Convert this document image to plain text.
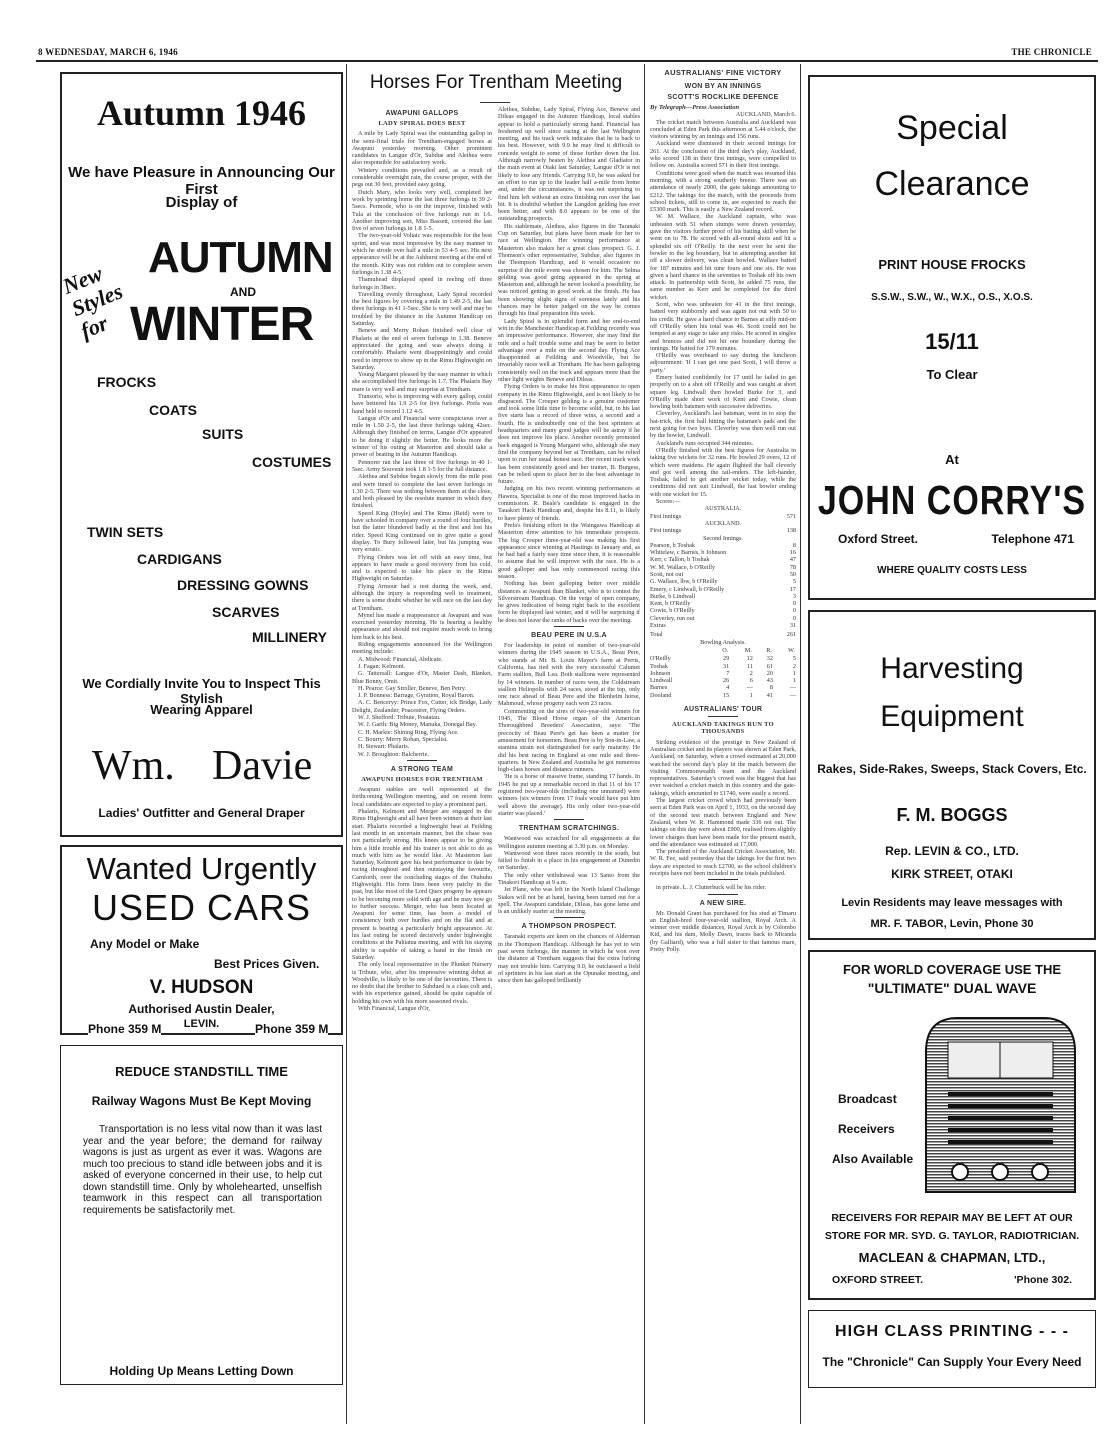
8 WEDNESDAY, MARCH 6, 1946	THE CHRONICLE
Autumn 1946
We have Pleasure in Announcing Our First
Display of
New Styles for
AUTUMN
AND
WINTER
FROCKS
COATS
SUITS
COSTUMES
TWIN SETS
CARDIGANS
DRESSING GOWNS
SCARVES
MILLINERY
We Cordially Invite You to Inspect This Stylish
Wearing Apparel
Wm. Davie
Ladies' Outfitter and General Draper
Wanted Urgently
USED CARS
Any Model or Make
Best Prices Given.
V. HUDSON
Authorised Austin Dealer,
LEVIN.
Phone 359 M	Phone 359 M
REDUCE STANDSTILL TIME
Railway Wagons Must Be Kept Moving
Transportation is no less vital now than it was last year and the year before; the demand for railway wagons is just as urgent as ever it was. Wagons are much too precious to stand idle between jobs and it is asked of everyone concerned in their use, to help cut down standstill time. Only by wholehearted, unselfish teamwork in this respect can all transportation requirements be satisfactorily met.
Holding Up Means Letting Down
Horses For Trentham Meeting
AWAPUNI GALLOPS
LADY SPIRAL DOES BEST

A mile by Lady Spiral was the outstanding gallop in the semi-final trials for Trentham-engaged horses at Awapuni yesterday morning. Other prominent candidates in Langue d'Or, Subdue and Alethea were also responsible for satisfactory work.

Wintery conditions prevailed and, as a result of considerable overnight rain, the course proper, with the pegs out 30 feet, provided easy going.

Dutch Mary, who looks very well, completed her work by sprinting home the last three furlongs in 39 2-5secs. Permode, who is on the improve, finished with Tula at the conclusion of five furlongs run in 1.6. Another improving sort, Miss Bassett, covered the last five of seven furlongs in 1.8 1-5.

The two-year-old Voltaic was responsible for the best sprint, and was most impressive by the easy manner in which he strode over half a mile in 53 4-5 sec. His next appearance will be at the Ashhurst meeting at the end of the month. Kitty was not ridden out to complete seven furlongs in 1.38 4-5.

Thamuhead displayed speed in reeling off three furlongs in 38sec.

Travelling evenly throughout, Lady Spiral recorded the best figures by covering a mile in 1.49 2-5, the last three furlongs in 41 1-5sec. She is very well and may be troubled by the distance in the Autumn Handicap on Saturday.

Beneve and Merry Rohan finished well clear of Phalaris at the end of seven furlongs in 1.38. Beneve appreciated the going and was always doing it comfortably. Phalaris went disappointingly and could need to improve to show up in the Rimu Highweight on Saturday.

Young Margaret pleased by the easy manner in which she accomplished five furlongs in 1.7. The Phalaris Bay mare is very well and may surprise at Trentham.

Transorio, who is improving with every gallop, could have bettered his 1.9 2-5 for five furlongs. Prefa was hand held to record 1.12 4-5.

Langue d'Or and Financial were conspicuous over a mile in 1.50 2-5, the last three furlongs taking 42sec. Although they finished on terms, Langue d'Or appeared to be doing it slightly the better. He looks more the winner of his outing at Masterton and should take a power of beating in the Autumn Handicap.

Pennorer ran the last three of five furlongs in 40 1-5sec. Army Souvenir took 1.8 1-5 for the full distance.

Alethea and Subdue began slowly from the mile post and were timed to complete the last seven furlongs in 1.30 2-5. There was nothing between them at the close, and both pleased by the resolute manner in which they finished.

Speed King (Hoyle) and The Rimu (Reid) were to have schooled in company over a round of four hurdles, but the latter blundered badly at the first and lost his rider. Speed King continued on to give quite a good display. To Bury followed later, but his jumping was very erratic.

Flying Orders was let off with an easy time, but appears to have made a good recovery from his cold, and is expected to take his place in the Rimu Highweight on Saturday.

Flying Armour had a rest during the week, and, although the injury is responding well to treatment, there is some doubt whether he will race on the last day at Trentham.

Mynel has made a reappearance at Awapuni and was exercised yesterday morning. He is bearing a healthy appearance and should not require much work to bring him back to his best.

Riding engagements announced for the Wellington meeting include:

A. Midwood: Financial, Abdicate.

J. Fagan: Kelmont.

G. Tattersall: Langue d'Or, Master Dash, Blanket, Blue Bonny, Omit.

H. Pearce: Gay Stroller, Beneve, Ben Petry.

J. P. Bonness: Barrage, Gyration, Royal Baron.

A. C. Benceryy: Prince Fox, Cutter, ick Bridge, Lady Delight, Zealander, Poacestrer, Flying Orders.

W. J. Shefford: Tribute, Poatatau.

W. J. Garth: Big Money, Manuka, Donegal Bay.

C. H. Markie: Shining Ring, Flying Ace.

C. Bourry: Merry Rohan, Specialist.

H. Stewart: Phalaris.

W. J. Broughton: Balcherrie.

A STRONG TEAM
AWAPUNI HORSES FOR TRENTHAM

Awapuni stables are well represented at the forthcoming Wellington meeting, and on recent form local candidates are expected to play a prominent part.

Phalaris, Kelmont and Merger are engaged in the Rimu Highweight and all have been winners at their last start. Phalaris recorded a highweight heat at Feilding last month in an uncertain manner, but the chase was not particularly strong. His knees appear to be giving him a little trouble and his trainer is not able to do as much with him as he would like. At Masterton last Saturday, Kelmont gave his best performance to date by racing throughout and then outstaying the favourite, Carnforth, over the concluding stages of the Otahuhu Highweight. His form lines been very patchy in the past, but like most of the Lord Quex progeny he appears to be becoming more solid with age and he may now go to further success. Merger, who has been located at Awapuni for some time, has been a model of consistency both over hurdles and on the flat and at present is bearing a particularly bright appearance. At his last outing he scored decisively under highweight conditions at the Pahiatua meeting, and with his staying ability is capable of taking a hand in the finish on Saturday.

The only local representative in the Plunket Nursery is Tribute, who, after his impressive winning debut at Woodville, is likely to be one of the favourites. There is no doubt that the brother to Subdued is a class colt and, with his experience gained, should be quite capable of holding his own with his more seasoned rivals.

With Financial, Langue d'Or,

Alethea, Subdue, Lady Spiral, Flying Ace, Beneve and Dileas engaged in the Autumn Handicap, local stables appear to hold a particularly strong hand. Financial has freshened up well since racing at the last Wellington meeting, and his track work indicates that he is back to his best. However, with 9.9 he may find it difficult to concede weight to some of those further down the list. Although narrowly beaten by Alethea and Gladiator in the main event at Otaki last Saturday, Langue d'Or is not likely to lose any friends. Carrying 9.0, he was asked for an effort to run up to the leader half a-mile from home and, under the circumstances, it was not surprising to find him left without an extra finishing run over the last bit. It is doubtful whether the Langdon gelding has ever been better, and with 8.0 appears to be one of the outstanding prospects.

His stablemate, Alethea, also figures in the Taranaki Cup on Saturday, but plans have been made for her to race at Wellington. Her winning performance at Masterton also makes her a great class prospect. G. J. Thomson's other representative, Subdue, also figures in the Thompson Handicap, and it would occasion no surprise if the mile event was chosen for him. The Selma gelding was good going appeared in the spring at Masterton and, although he never looked a possibility, he was noticed getting in good work at the finish. He has been showing slight signs of soreness lately and his chances may be better judged on the way he comes through his final preparation this week.

Lady Spiral is in splendid form and her end-to-end win in the Manchester Handicap at Feilding recently was an impressive performance. However, she may find the mile and a half trouble some and may be seen to better advantage over a mile on the second day. Flying Ace disappointed at Feilding and Woodville, but he invariably races well at Trentham. He has been galloping consistently well on the track and appears more than the other light weights Beneve and Dileas.

Flying Orders is to make his first appearance to open company in the Rimu Highweight, and is not likely to be disgraced. The Crouper gelding is a genuine customer and took some little time to become solid, but, in his last five starts has a record of three wins, a second and a fourth. He is undoubtedly one of the best sprinters at headquarters and many good judges will be astray if he does not improve his place. Another recently promoted hack engaged is Young Margaret who, although she may find the company beyond her at Trentham, can be relied upon to run her usual honest race. Her recent track work has been consistently good and her trainer, B. Burgess, can be relied upon to place her to the best advantage in future.

Judging on his two recent winning performances at Hawera, Specialist is one of the most improved hacks in commission. R. Beale's candidate is engaged in the Tauakori Hack Handicap and, despite his 8.11, is likely to have plenty of friends.

Prefa's finishing effort in the Waingawa Handicap at Masterton drew attention to his immediate prospects. The big Crouper three-year-old was making his first appearance since winning at Hastings in January and, as he had had a fairly easy time since then, it is reasonable to assume that he will improve with the race. He is a good galloper and has only commenced racing this season.

Nothing has been galloping better over middle distances at Awapuni than Blanket, who is to contest the Silverstream Handicap. On the verge of open company, he gives indication of being right back to the excellent form he displayed last winter, and it will be surprising if he does not leave the ranks of hacks over the meeting.

BEAU PERE IN U.S.A

For leadership in point of number of two-year-old winners during the 1945 season in U.S.A., Beau Pere, who stands at Mr. B. Louis Mayer's farm at Perris, California, has tied with the very successful Calumet Farm stallion, Bull Lea. Both stallions were represented by 14 winners. In number of races won, the Coldstream stallion Heliopolis with 24 races, stood at the top, only one race ahead of Beau Pere and the Blenheim horse, Mahmoud, whose progeny each won 23 races.

Commenting on the sires of two-year-old winners for 1945, The Blood Horse organ of the American Thoroughbred Breeders' Association, says: 'The precocity of Beau Pere's get has been a matter for amusement for horsemen. Beau Pere is by Son-in-Law, a stamina strain not distinguished for early maturity. He did his best racing in England at one mile and three-quarters. In New Zealand and Australia he got numerous high-class horses and distance runners.

'He is a horse of massive frame, standing 17 hands. In 1945 he put up a remarkable record in that 11 of his 17 registered two-year-olds (including one unnamed) were winners (six winners from 17 foals would have put him well above the average). His only other two-year-old starter was placed.'

TRENTHAM SCRATCHINGS.

Wantwood was scratched for all engagements at the Wellington autumn meeting at 3.30 p.m. on Monday.

Wantwood won three races recently in the south, but failed to finish in a place in his engagement at Dunedin on Saturday.

The only other withdrawal was 13 Santo from the Tinakori Handicap at 9 a.m.

Jet Plane, who was left in the North Island Challenge Stakes will not be at hand, having been turned out for a spell. The Awapuni candidate, Dileas, has gone lame and is an unlikely starter at the meeting.

A THOMPSON PROSPECT.

Taranaki experts are keen on the chances of Alderman in the Thompson Handicap. Although he has yet to win past seven furlongs, the manner in which he won over the distance at Trentham suggests that the extra furlong may not trouble him. Carrying 9.0, he outclassed a field of sprinters in his last start at the Opunake meeting, and since then has galloped brilliantly

AUSTRALIANS' FINE VICTORY
WON BY AN INNINGS
SCOTT'S ROCKLIKE DEFENCE

By Telegraph—Press Association

AUCKLAND, March 6.

The cricket match between Australia and Auckland was concluded at Eden Park this afternoon at 5.44 o'clock, the visitors winning by an innings and 156 runs.

Auckland were dismissed in their second innings for 261. At the conclusion of the third day's play, Auckland, who scored 138 in their first innings, were compelled to follow on. Australia scored 571 in their first innings.

Conditions were good when the match was resumed this morning, with a strong southerly breeze. There was an attendance of nearly 2000, the gate takings amounting to £212. The takings for the match, with the proceeds from school tickets, still to come in, are expected to reach the £5300 mark. This is easily a New Zealand record.

W. M. Wallace, the Auckland captain, who was unbeaten with 51 when stumps were drawn yesterday, gave the visitors further proof of his batting skill when he went on to 78. He scored with all-round shots and hit a splendid six off O'Reilly. In the next over he sent the bowler to the leg boundary, but in attempting another hit off a slower delivery, was clean bowled. Wallace batted for 187 minutes and hit nine fours and one six. He was given a hard chance in the seventies to Toshak off his own attack. In partnership with Scott, he added 75 runs, the same number as Kerr and he completed for the third wicket.

Scott, who was unbeaten for 41 in the first innings, batted very stubbornly and was again not out with 50 to his credit. He gave a hard chance to Barnes at silly mid-on off O'Reilly when his total was 46. Scott could not be tempted at any stage to take any risks. He scored in singles and brunces and did not hit one boundary during the innings. He batted for 179 minutes.

O'Reilly was overheard to say during the luncheon adjournment: 'If I can get one past Scott, I will throw a party.'

Emery batted confidently for 17 until he failed to get properly on to a shot off O'Reilly and was caught at short square leg. Lindwall then bowled Burke for 3, and O'Reilly made short work of Kent and Cowie, clean bowling both batsmen with successive deliveries.

Cleverley, Auckland's last batsman, went in to stop the hat-trick, the first ball hitting the batsman's pads and the next going for two byes. Cleverley was then well run out by the bowler, Lindwall.

Auckland's runs occupied 344 minutes.

O'Reilly finished with the best figures for Australia in taking five wickets for 32 runs. He bowled 29 overs, 12 of which were maidens. He again flighted the ball cleverly and got well among the tail-enders. The left-hander, Toshak, failed to get another wicket today, while the conditions did not suit Lindwall, the fast bowler ending with one wicket for 15.

Scores:—

AUSTRALIA.

First innings	571

AUCKLAND.

First innings	138

Second Innings.

Pearson, b Toshak	8
Whitelaw, c Barnes, b Johnson	16
Kerr, c Tallon, b Toshak	47
W. M. Wallace, b O'Reilly	78
Scott, not out	50
G. Wallace, lbw, b O'Reilly	5
Emery, c Lindwall, b O'Reilly	17
Burke, b Lindwall	3
Kent, b O'Reilly	0
Cowie, b O'Reilly	0
Cleverley, run out	0
Extras	31
Total	261

Bowling Analysis.

	O.	M.	R.	W.
O'Reilly	29	12	32	5
Toshak	31	11	61	2
Johnson	7	2	20	1
Lindwall	26	6	43	1
Barnes	4	—	8	—
Dooland	15	1	41	—
AUSTRALIANS' TOUR
AUCKLAND TAKINGS RUN TO THOUSANDS

Striking evidence of the prestige in New Zealand of Australian cricket and its players was shown at Eden Park, Auckland, on Saturday, when a crowd estimated at 20,000 watched the second day's play in the match between the visiting Commonwealth team and the Auckland representatives. Saturday's crowd was the biggest that has ever watched a cricket match in this country and the gate-takings, which amounted to £1740, were easily a record.

The largest cricket crowd which had previously been seen at Eden Park was on April 1, 1933, on the second day of the second test match between England and New Zealand, when W. R. Hammond made 336 not out. The takings on this day were about £900, realised from slightly lower charges than have been made for the present match, and the attendance was estimated at 17,000.

The president of the Auckland Cricket Association, Mr. W. R. Fee, said yesterday that the takings for the first two days are expected to reach £2700, as the school children's receipts have not been included in the totals published.

in private. L. J. Clutterbuck will be his rider.

A NEW SIRE.

Mr. Donald Grant has purchased for his stud at Timaru an English-bred four-year-old stallion, Royal Arch. A winner over middle distances, Royal Arch is by Colombo Kid, and his dam, Molly Dawn, traces back to Miranda (by Galliard), who was a full sister to that famous mare, Pretty Polly.

Special
Clearance
PRINT HOUSE FROCKS
S.S.W., S.W., W., W.X., O.S., X.O.S.
15/11
To Clear
At
JOHN CORRY'S
Oxford Street.	Telephone 471
WHERE QUALITY COSTS LESS
Harvesting
Equipment
Rakes, Side-Rakes, Sweeps, Stack Covers, Etc.
F. M. BOGGS
Rep. LEVIN & CO., LTD.
KIRK STREET, OTAKI
Levin Residents may leave messages with
MR. F. TABOR, Levin, Phone 30
FOR WORLD COVERAGE USE THE
"ULTIMATE" DUAL WAVE
Broadcast
Receivers
Also Available
RECEIVERS FOR REPAIR MAY BE LEFT AT OUR
STORE FOR MR. SYD. G. TAYLOR, RADIOTRICIAN.
MACLEAN & CHAPMAN, LTD.,
OXFORD STREET.	'Phone 302.
HIGH CLASS PRINTING - - -
The "Chronicle" Can Supply Your Every Need
